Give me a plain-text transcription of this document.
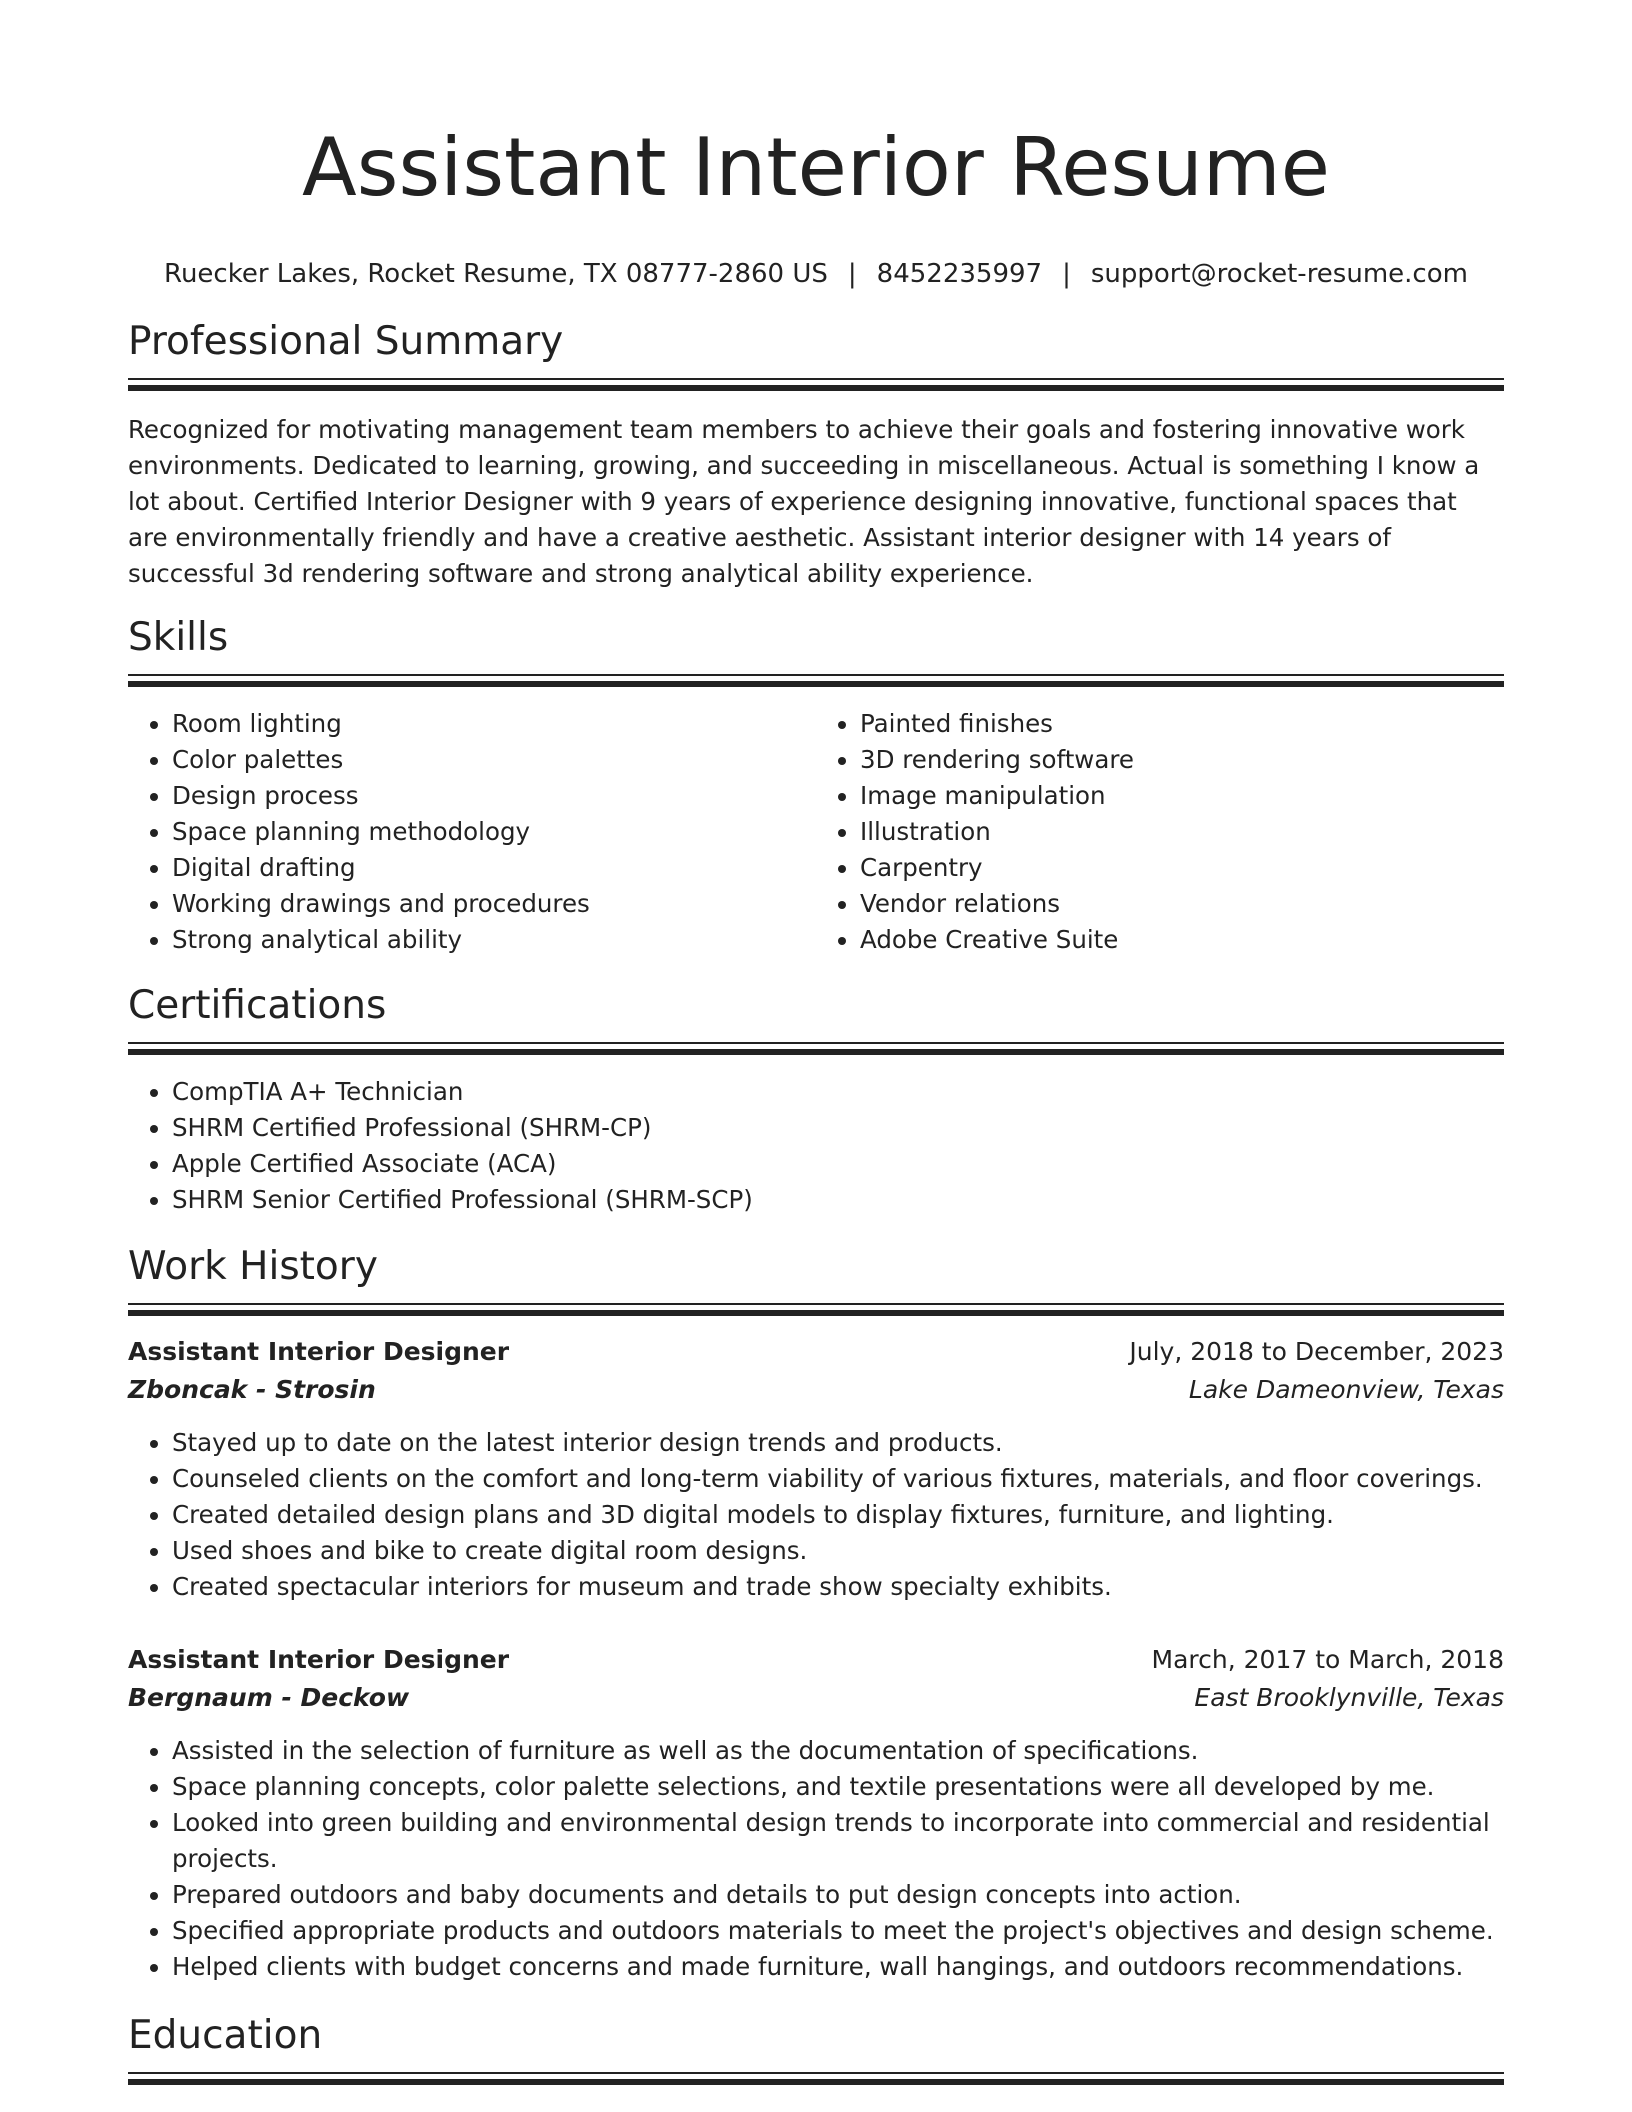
Assistant Interior Resume
Ruecker Lakes, Rocket Resume, TX 08777-2860 US | 8452235997 | support@rocket-resume.com
Professional Summary

Recognized for motivating management team members to achieve their goals and fostering innovative work environments. Dedicated to learning, growing, and succeeding in miscellaneous. Actual is something I know a lot about. Certified Interior Designer with 9 years of experience designing innovative, functional spaces that are environmentally friendly and have a creative aesthetic. Assistant interior designer with 14 years of successful 3d rendering software and strong analytical ability experience.

Skills
• Room lighting
• Color palettes
• Design process
• Space planning methodology
• Digital drafting
• Working drawings and procedures
• Strong analytical ability
• Painted finishes
• 3D rendering software
• Image manipulation
• Illustration
• Carpentry
• Vendor relations
• Adobe Creative Suite
Certifications
• CompTIA A+ Technician
• SHRM Certified Professional (SHRM-CP)
• Apple Certified Associate (ACA)
• SHRM Senior Certified Professional (SHRM-SCP)
Work History
Assistant Interior Designer	July, 2018 to December, 2023
Zboncak - Strosin	Lake Dameonview, Texas
• Stayed up to date on the latest interior design trends and products.
• Counseled clients on the comfort and long-term viability of various fixtures, materials, and floor coverings.
• Created detailed design plans and 3D digital models to display fixtures, furniture, and lighting.
• Used shoes and bike to create digital room designs.
• Created spectacular interiors for museum and trade show specialty exhibits.
Assistant Interior Designer	March, 2017 to March, 2018
Bergnaum - Deckow	East Brooklynville, Texas
• Assisted in the selection of furniture as well as the documentation of specifications.
• Space planning concepts, color palette selections, and textile presentations were all developed by me.
• Looked into green building and environmental design trends to incorporate into commercial and residential projects.
• Prepared outdoors and baby documents and details to put design concepts into action.
• Specified appropriate products and outdoors materials to meet the project's objectives and design scheme.
• Helped clients with budget concerns and made furniture, wall hangings, and outdoors recommendations.
Education
